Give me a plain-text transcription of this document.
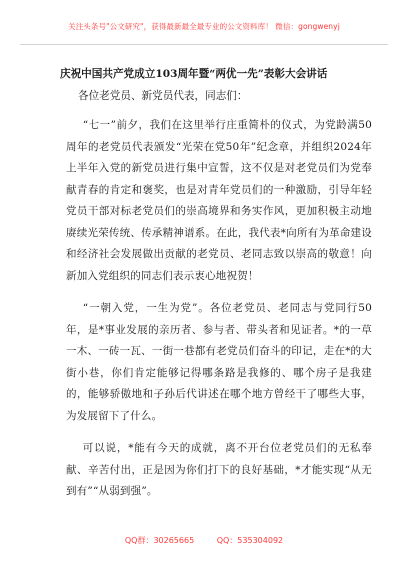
关注头条号"公文研究"，获得最新最全最专业的公文资料库！ 微信：gongwenyj
庆祝中国共产党成立103周年暨“两优一先”表彰大会讲话
各位老党员、新党员代表，同志们：

“七一”前夕，我们在这里举行庄重简朴的仪式，为党龄满50周年的老党员代表颁发“光荣在党50年”纪念章，并组织2024年上半年入党的新党员进行集中宣誓，这不仅是对老党员们为党奉献青春的肯定和褒奖，也是对青年党员们的一种激励，引导年轻党员干部对标老党员们的崇高境界和务实作风，更加积极主动地赓续光荣传统、传承精神谱系。在此，我代表*向所有为革命建设和经济社会发展做出贡献的老党员、老同志致以崇高的敬意！向新加入党组织的同志们表示衷心地祝贺！

“一朝入党，一生为党”。各位老党员、老同志与党同行50年，是*事业发展的亲历者、参与者、带头者和见证者。*的一草一木、一砖一瓦、一街一巷都有老党员们奋斗的印记，走在*的大街小巷，你们肯定能够记得哪条路是我修的、哪个房子是我建的，能够骄傲地和子孙后代讲述在哪个地方曾经干了哪些大事，为发展留下了什么。

可以说，*能有今天的成就，离不开台位老党员们的无私奉献、辛苦付出，正是因为你们打下的良好基础，*才能实现“从无到有”“从弱到强”。

QQ群：30265665	QQ：535304092
